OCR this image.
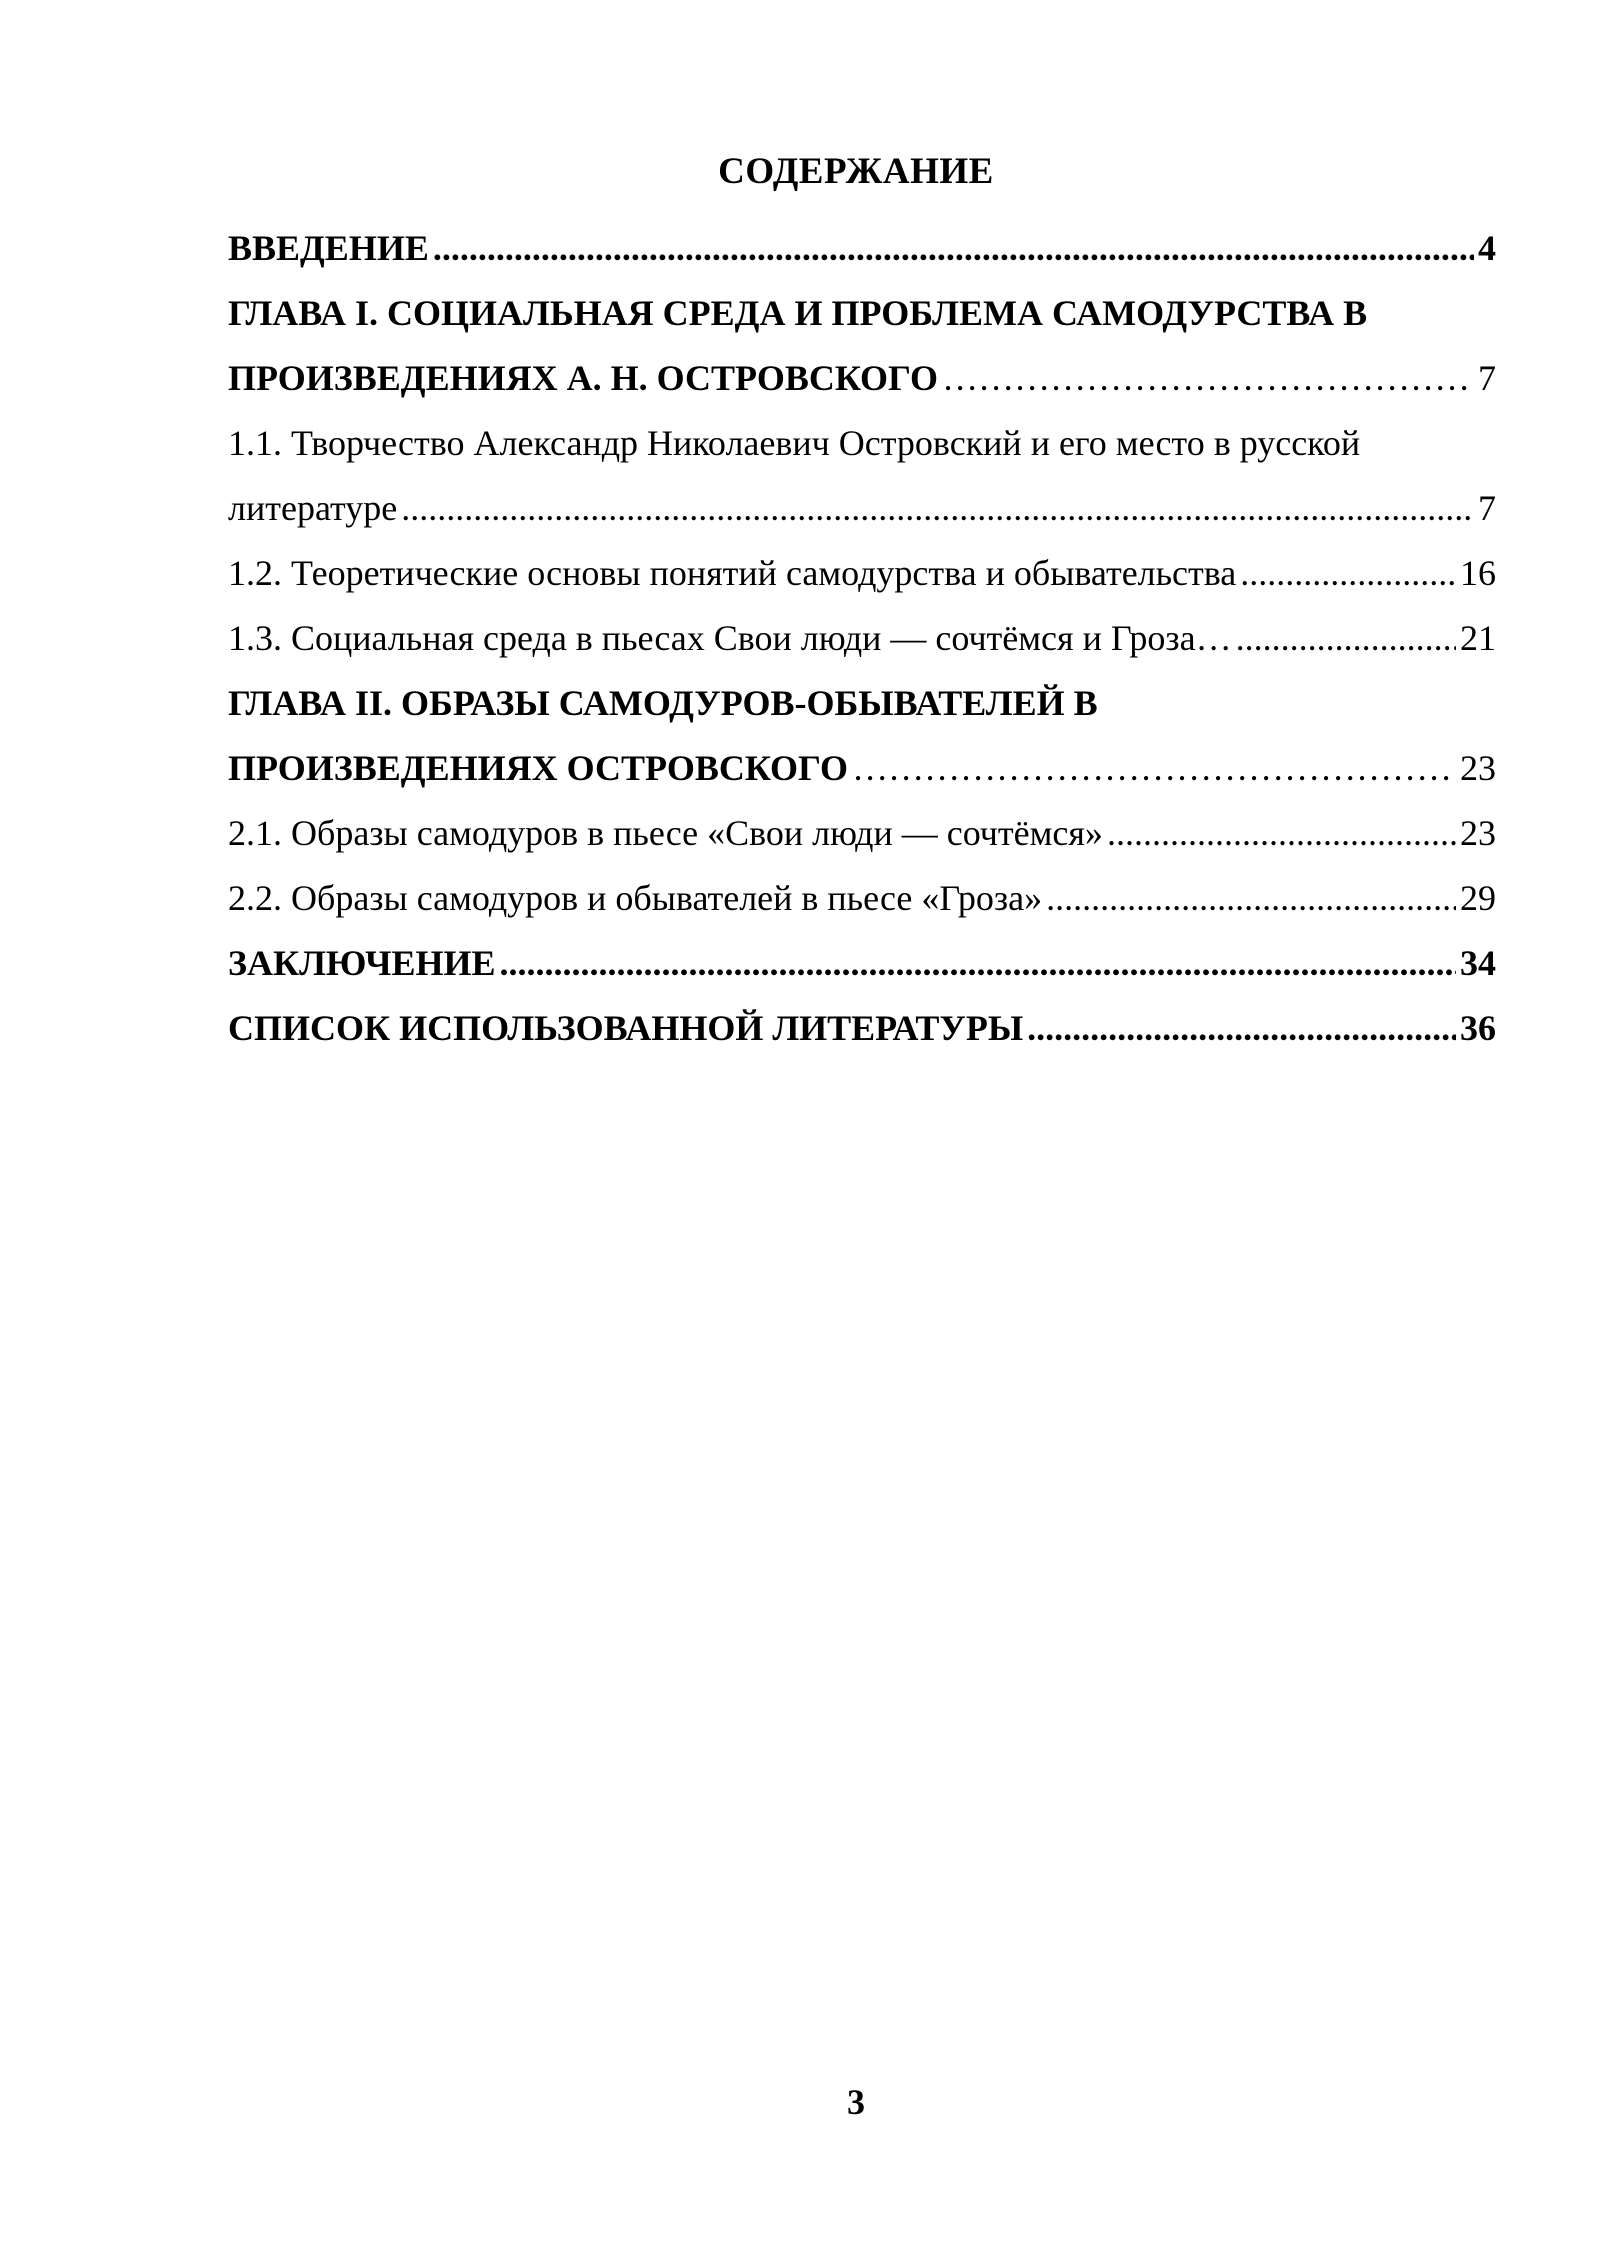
СОДЕРЖАНИЕ
ВВЕДЕНИЕ .....	4
ГЛАВА I. СОЦИАЛЬНАЯ СРЕДА И ПРОБЛЕМА САМОДУРСТВА В
ПРОИЗВЕДЕНИЯХ А. Н. ОСТРОВСКОГО ……………………………………………………………………………………………………………………………………………………………………………	7
1.1. Творчество Александр Николаевич Островский и его место в русской
литературе .....	7
1.2. Теоретические основы понятий самодурства и обывательства .....	16
1.3. Социальная среда в пьесах Свои люди — сочтёмся и Гроза… .....	21
ГЛАВА II. ОБРАЗЫ САМОДУРОВ-ОБЫВАТЕЛЕЙ В
ПРОИЗВЕДЕНИЯХ ОСТРОВСКОГО ……………………………………………………………………………………………………………………………………………………………………………	23
2.1. Образы самодуров в пьесе «Свои люди — сочтёмся» .....	23
2.2. Образы самодуров и обывателей в пьесе «Гроза» .....	29
ЗАКЛЮЧЕНИЕ .....	34
СПИСОК ИСПОЛЬЗОВАННОЙ ЛИТЕРАТУРЫ .....	36
3
